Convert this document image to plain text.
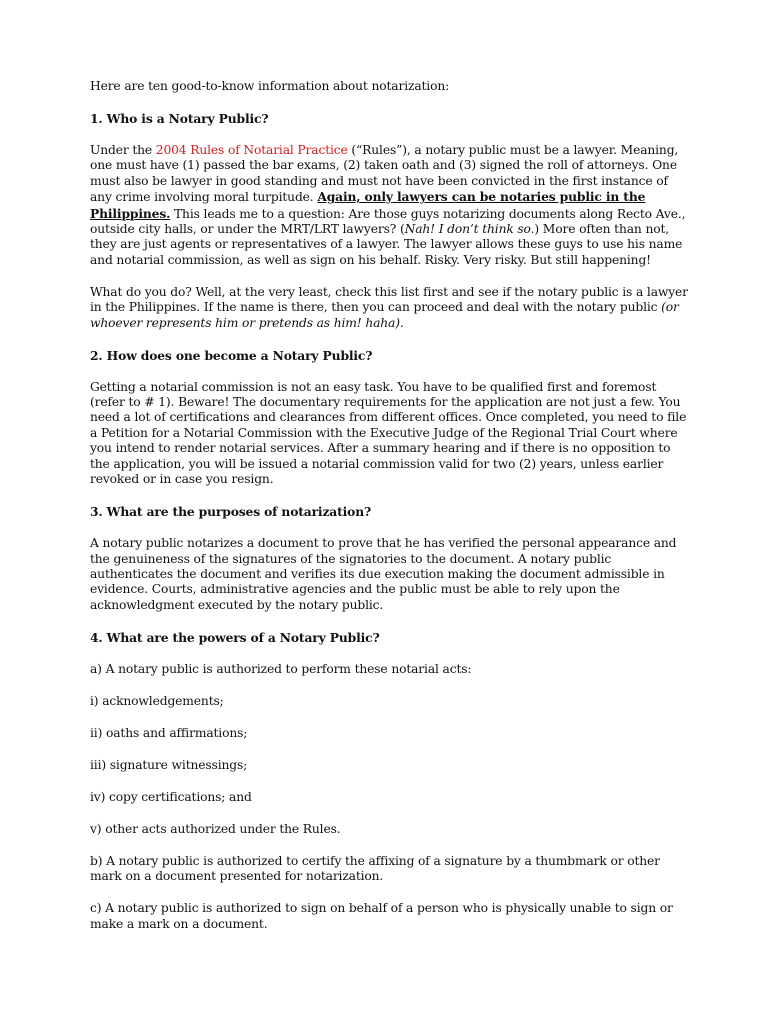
Here are ten good-to-know information about notarization:

1. Who is a Notary Public?

Under the 2004 Rules of Notarial Practice (“Rules”), a notary public must be a lawyer. Meaning, one must have (1) passed the bar exams, (2) taken oath and (3) signed the roll of attorneys. One must also be lawyer in good standing and must not have been convicted in the first instance of any crime involving moral turpitude. Again, only lawyers can be notaries public in the Philippines. This leads me to a question: Are those guys notarizing documents along Recto Ave., outside city halls, or under the MRT/LRT lawyers? (Nah! I don’t think so.) More often than not, they are just agents or representatives of a lawyer. The lawyer allows these guys to use his name and notarial commission, as well as sign on his behalf. Risky. Very risky. But still happening!

What do you do? Well, at the very least, check this list first and see if the notary public is a lawyer in the Philippines. If the name is there, then you can proceed and deal with the notary public (or whoever represents him or pretends as him! haha).

2. How does one become a Notary Public?

Getting a notarial commission is not an easy task. You have to be qualified first and foremost (refer to # 1). Beware! The documentary requirements for the application are not just a few. You need a lot of certifications and clearances from different offices. Once completed, you need to file a Petition for a Notarial Commission with the Executive Judge of the Regional Trial Court where you intend to render notarial services. After a summary hearing and if there is no opposition to the application, you will be issued a notarial commission valid for two (2) years, unless earlier revoked or in case you resign.

3. What are the purposes of notarization?

A notary public notarizes a document to prove that he has verified the personal appearance and the genuineness of the signatures of the signatories to the document. A notary public authenticates the document and verifies its due execution making the document admissible in evidence. Courts, administrative agencies and the public must be able to rely upon the acknowledgment executed by the notary public.

4. What are the powers of a Notary Public?

a) A notary public is authorized to perform these notarial acts:

i) acknowledgements;

ii) oaths and affirmations;

iii) signature witnessings;

iv) copy certifications; and

v) other acts authorized under the Rules.

b) A notary public is authorized to certify the affixing of a signature by a thumbmark or other mark on a document presented for notarization.

c) A notary public is authorized to sign on behalf of a person who is physically unable to sign or make a mark on a document.
